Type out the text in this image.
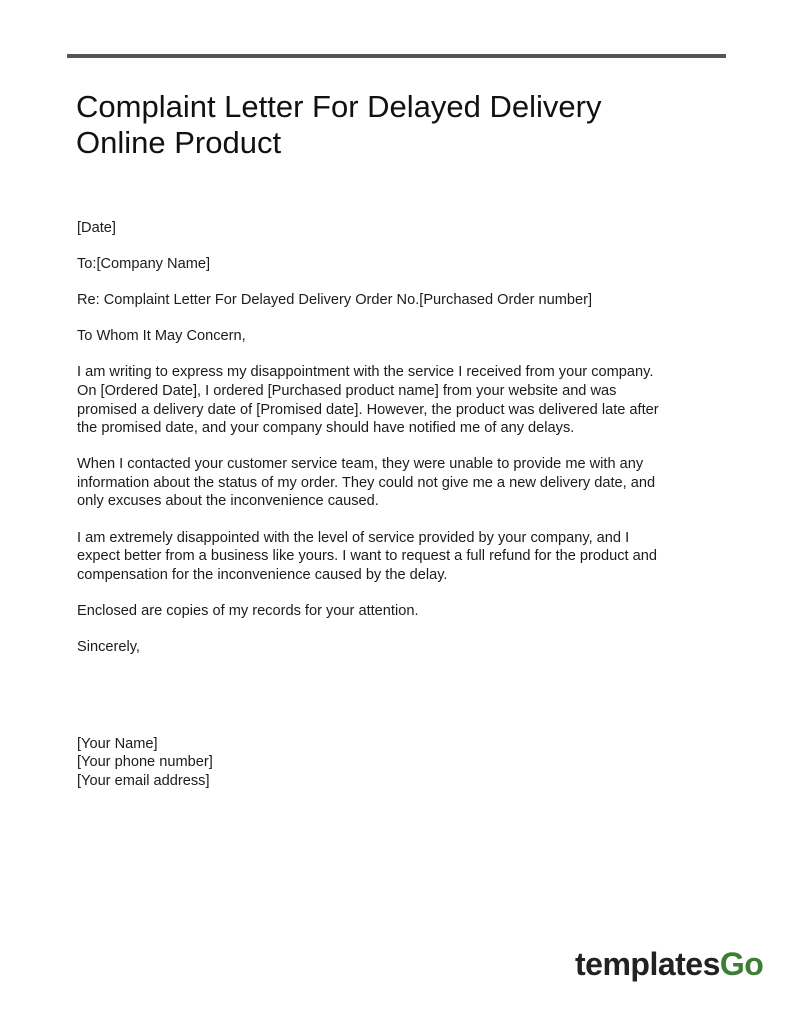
Complaint Letter For Delayed Delivery
Online Product

[Date]

To:[Company Name]

Re: Complaint Letter For Delayed Delivery Order No.[Purchased Order number]

To Whom It May Concern,

I am writing to express my disappointment with the service I received from your company.
On [Ordered Date], I ordered [Purchased product name] from your website and was
promised a delivery date of [Promised date]. However, the product was delivered late after
the promised date, and your company should have notified me of any delays.

When I contacted your customer service team, they were unable to provide me with any
information about the status of my order. They could not give me a new delivery date, and
only excuses about the inconvenience caused.

I am extremely disappointed with the level of service provided by your company, and I
expect better from a business like yours. I want to request a full refund for the product and
compensation for the inconvenience caused by the delay.

Enclosed are copies of my records for your attention.

Sincerely,

[Your Name]
[Your phone number]
[Your email address]

templatesGo
